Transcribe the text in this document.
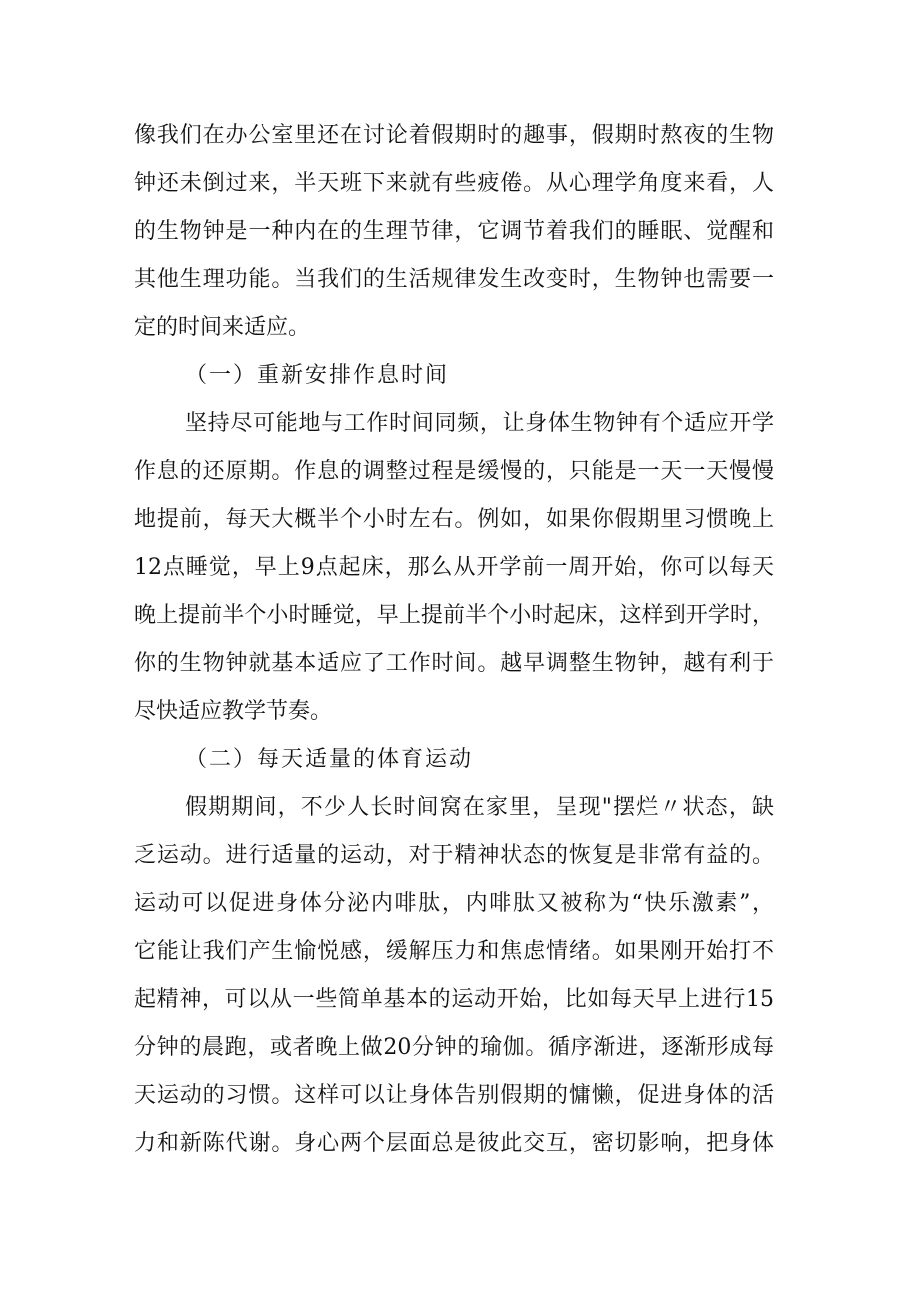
像我们在办公室里还在讨论着假期时的趣事，假期时熬夜的生物
钟还未倒过来，半天班下来就有些疲倦。从心理学角度来看，人
的生物钟是一种内在的生理节律，它调节着我们的睡眠、觉醒和
其他生理功能。当我们的生活规律发生改变时，生物钟也需要一
定的时间来适应。
（一）重新安排作息时间
坚持尽可能地与工作时间同频，让身体生物钟有个适应开学
作息的还原期。作息的调整过程是缓慢的，只能是一天一天慢慢
地提前，每天大概半个小时左右。例如，如果你假期里习惯晚上
12点睡觉，早上9点起床，那么从开学前一周开始，你可以每天
晚上提前半个小时睡觉，早上提前半个小时起床，这样到开学时，
你的生物钟就基本适应了工作时间。越早调整生物钟，越有利于
尽快适应教学节奏。
（二）每天适量的体育运动
假期期间，不少人长时间窝在家里，呈现"摆烂〃状态，缺
乏运动。进行适量的运动，对于精神状态的恢复是非常有益的。
运动可以促进身体分泌内啡肽，内啡肽又被称为“快乐激素”，
它能让我们产生愉悦感，缓解压力和焦虑情绪。如果刚开始打不
起精神，可以从一些简单基本的运动开始，比如每天早上进行15
分钟的晨跑，或者晚上做20分钟的瑜伽。循序渐进，逐渐形成每
天运动的习惯。这样可以让身体告别假期的慵懒，促进身体的活
力和新陈代谢。身心两个层面总是彼此交互，密切影响，把身体
